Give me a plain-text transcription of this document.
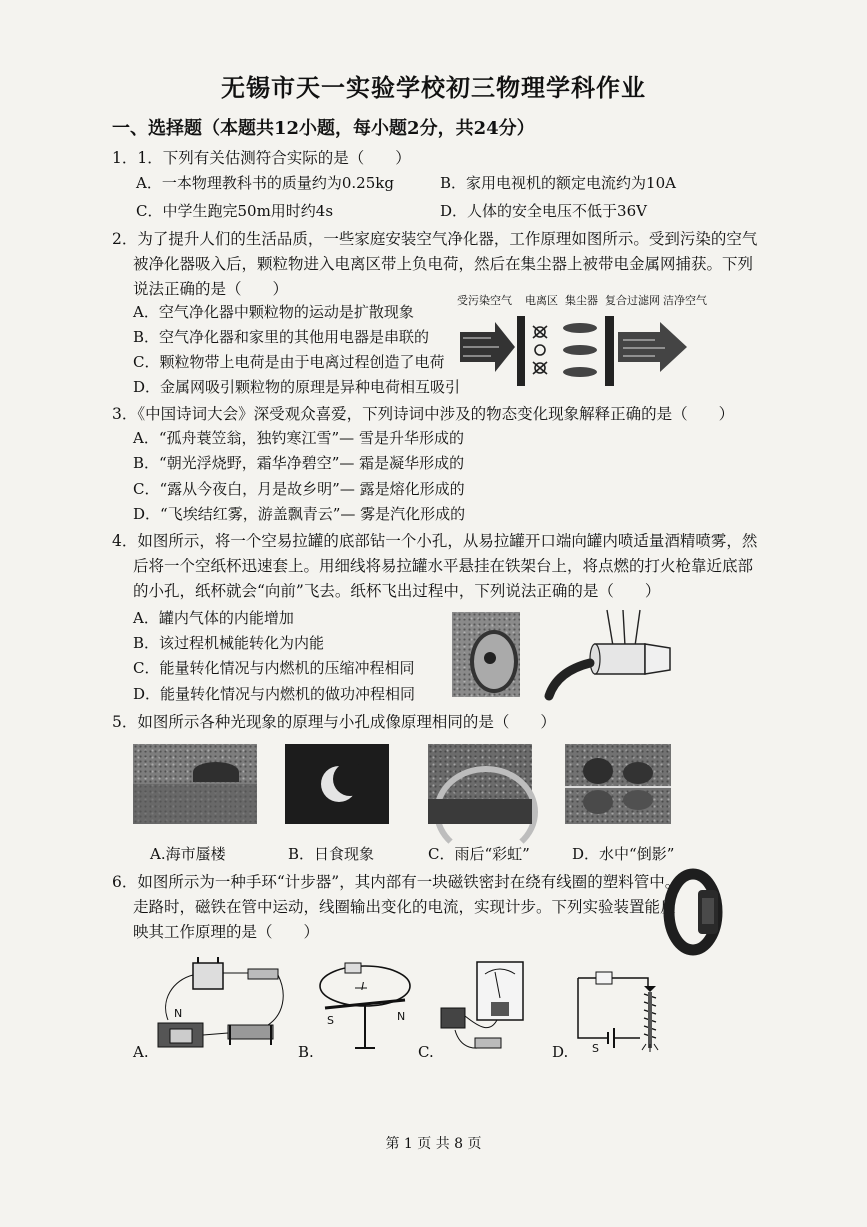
无锡市天一实验学校初三物理学科作业
一、选择题（本题共12小题，每小题2分，共24分）
1．1．下列有关估测符合实际的是（　　）
A．一本物理教科书的质量约为0.25kg	B．家用电视机的额定电流约为10A
C．中学生跑完50m用时约4s	D．人体的安全电压不低于36V
2．为了提升人们的生活品质，一些家庭安装空气净化器，工作原理如图所示。受到污染的空气
被净化器吸入后，颗粒物进入电离区带上负电荷，然后在集尘器上被带电金属网捕获。下列
说法正确的是（　　）
A．空气净化器中颗粒物的运动是扩散现象
B．空气净化器和家里的其他用电器是串联的
C．颗粒物带上电荷是由于电离过程创造了电荷
D．金属网吸引颗粒物的原理是异种电荷相互吸引
受污染空气 电离区 集尘器 复合过滤网 洁净空气
3．《中国诗词大会》深受观众喜爱，下列诗词中涉及的物态变化现象解释正确的是（　　）
A．“孤舟蓑笠翁，独钓寒江雪”— 雪是升华形成的
B．“朝光浮烧野，霜华净碧空”— 霜是凝华形成的
C．“露从今夜白，月是故乡明”— 露是熔化形成的
D．“飞埃结红雾，游盖飘青云”— 雾是汽化形成的
4．如图所示，将一个空易拉罐的底部钻一个小孔，从易拉罐开口端向罐内喷适量酒精喷雾，然
后将一个空纸杯迅速套上。用细线将易拉罐水平悬挂在铁架台上，将点燃的打火枪靠近底部
的小孔，纸杯就会“向前”飞去。纸杯飞出过程中，下列说法正确的是（　　）
A．罐内气体的内能增加
B．该过程机械能转化为内能
C．能量转化情况与内燃机的压缩冲程相同
D．能量转化情况与内燃机的做功冲程相同
5．如图所示各种光现象的原理与小孔成像原理相同的是（　　）
A.海市蜃楼	B．日食现象	C．雨后“彩虹”	D．水中“倒影”
6．如图所示为一种手环“计步器”，其内部有一块磁铁密封在绕有线圈的塑料管中。
走路时，磁铁在管中运动，线圈输出变化的电流，实现计步。下列实验装置能反
映其工作原理的是（　　）
A.
N
B.
I
S	N
C.	D. S
第 1 页 共 8 页
